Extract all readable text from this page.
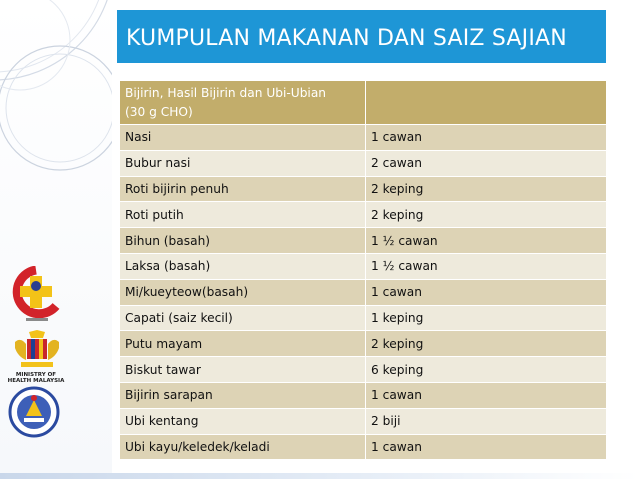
KUMPULAN MAKANAN DAN SAIZ SAJIAN
MINISTRY OF HEALTH MALAYSIA
Bijirin, Hasil Bijirin dan Ubi-Ubian
(30 g CHO)	
Nasi	1 cawan
Bubur nasi	2 cawan
Roti bijirin penuh	2 keping
Roti putih	2 keping
Bihun (basah)	1 ½ cawan
Laksa (basah)	1 ½ cawan
Mi/kueyteow(basah)	1 cawan
Capati (saiz kecil)	1 keping
Putu mayam	2 keping
Biskut tawar	6 keping
Bijirin sarapan	1 cawan
Ubi kentang	2 biji
Ubi kayu/keledek/keladi	1 cawan
